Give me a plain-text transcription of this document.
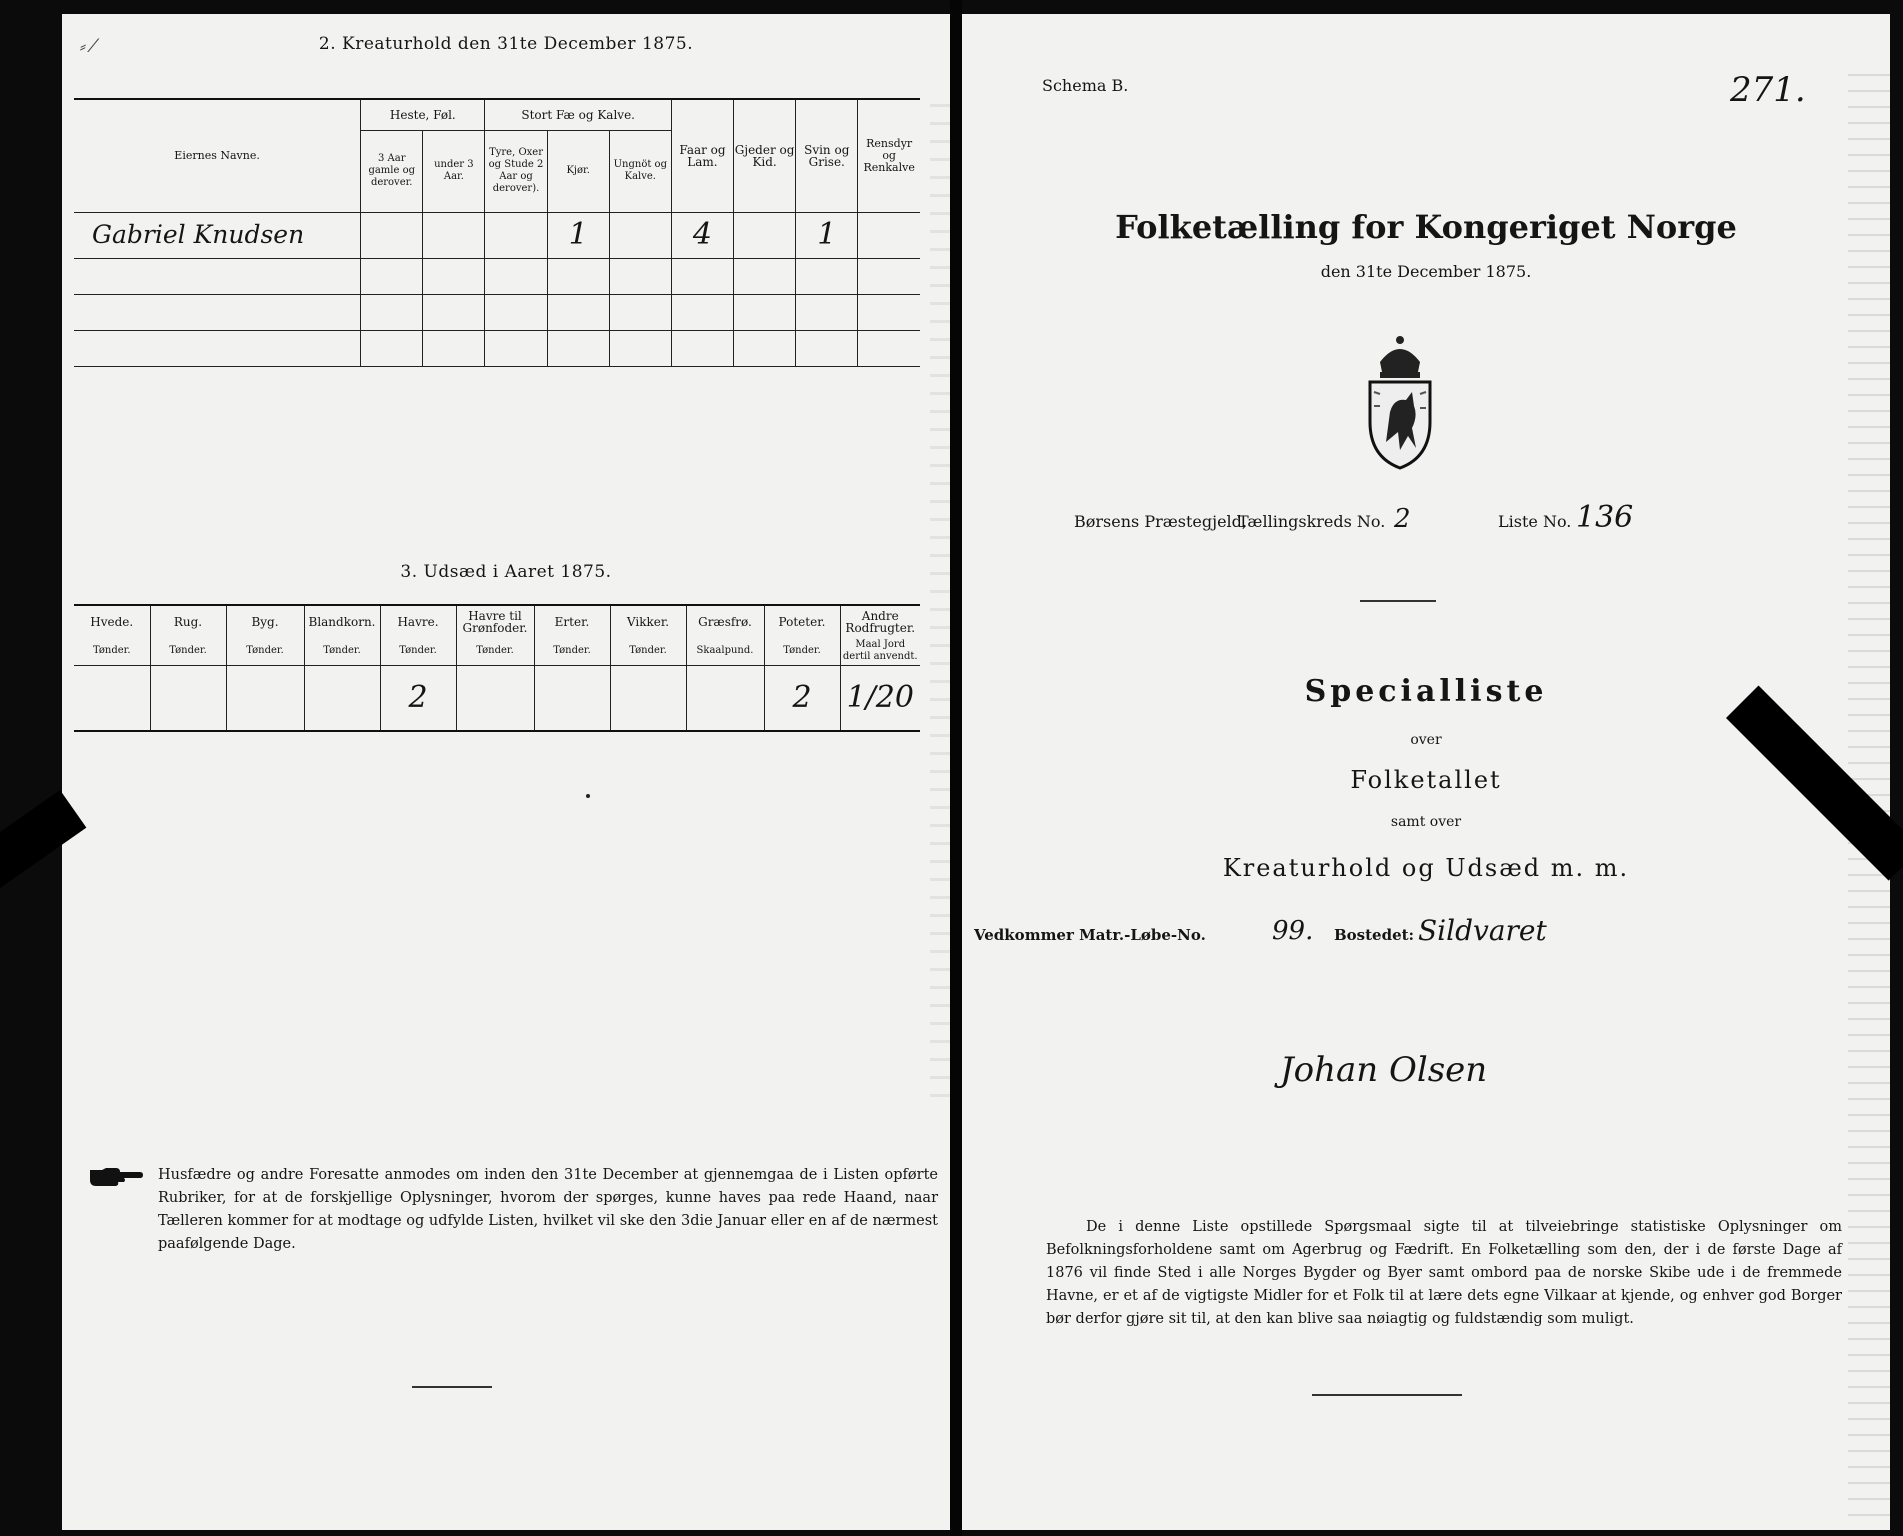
⸗ ⁄	2. Kreaturhold den 31te December 1875.
Eiernes Navne.	Heste, Føl.		Stort Fæ og Kalve.			Faar og Lam.	Gjeder og Kid.	Svin og Grise.	Rensdyr og Renkalve
	3 Aar gamle og derover.	under 3 Aar.	Tyre, Oxer og Stude 2 Aar og derover).	Kjør.	Ungnöt og Kalve.				
Gabriel Knudsen				1		4		1	

3. Udsæd i Aaret 1875.
Hvede.	Rug.	Byg.	Blandkorn.	Havre.	Havre til Grønfoder.	Erter.	Vikker.	Græsfrø.	Poteter.	Andre Rodfrugter.
Tønder.	Tønder.	Tønder.	Tønder.	Tønder.	Tønder.	Tønder.	Tønder.	Skaalpund.	Tønder.	Maal Jord dertil anvendt.
				2					2	1/20
Husfædre og andre Foresatte anmodes om inden den 31te December at gjennemgaa de i Listen opførte Rubriker, for at de forskjellige Oplysninger, hvorom der spørges, kunne haves paa rede Haand, naar Tælleren kommer for at modtage og udfylde Listen, hvilket vil ske den 3die Januar eller en af de nærmest paafølgende Dage.
Schema B.	271.
Folketælling for Kongeriget Norge
den 31te December 1875.
Børsens Præstegjeld,
Tællingskreds No. 2	Liste No. 136
Specialliste
over
Folketallet
samt over
Kreaturhold og Udsæd m. m.
Vedkommer Matr.-Løbe-No.	99. Bostedet: Sildvaret
Johan Olsen
De i denne Liste opstillede Spørgsmaal sigte til at tilveiebringe statistiske Oplysninger om Befolkningsforholdene samt om Agerbrug og Fædrift. En Folketælling som den, der i de første Dage af 1876 vil finde Sted i alle Norges Bygder og Byer samt ombord paa de norske Skibe ude i de fremmede Havne, er et af de vigtigste Midler for et Folk til at lære dets egne Vilkaar at kjende, og enhver god Borger bør derfor gjøre sit til, at den kan blive saa nøiagtig og fuldstændig som muligt.
